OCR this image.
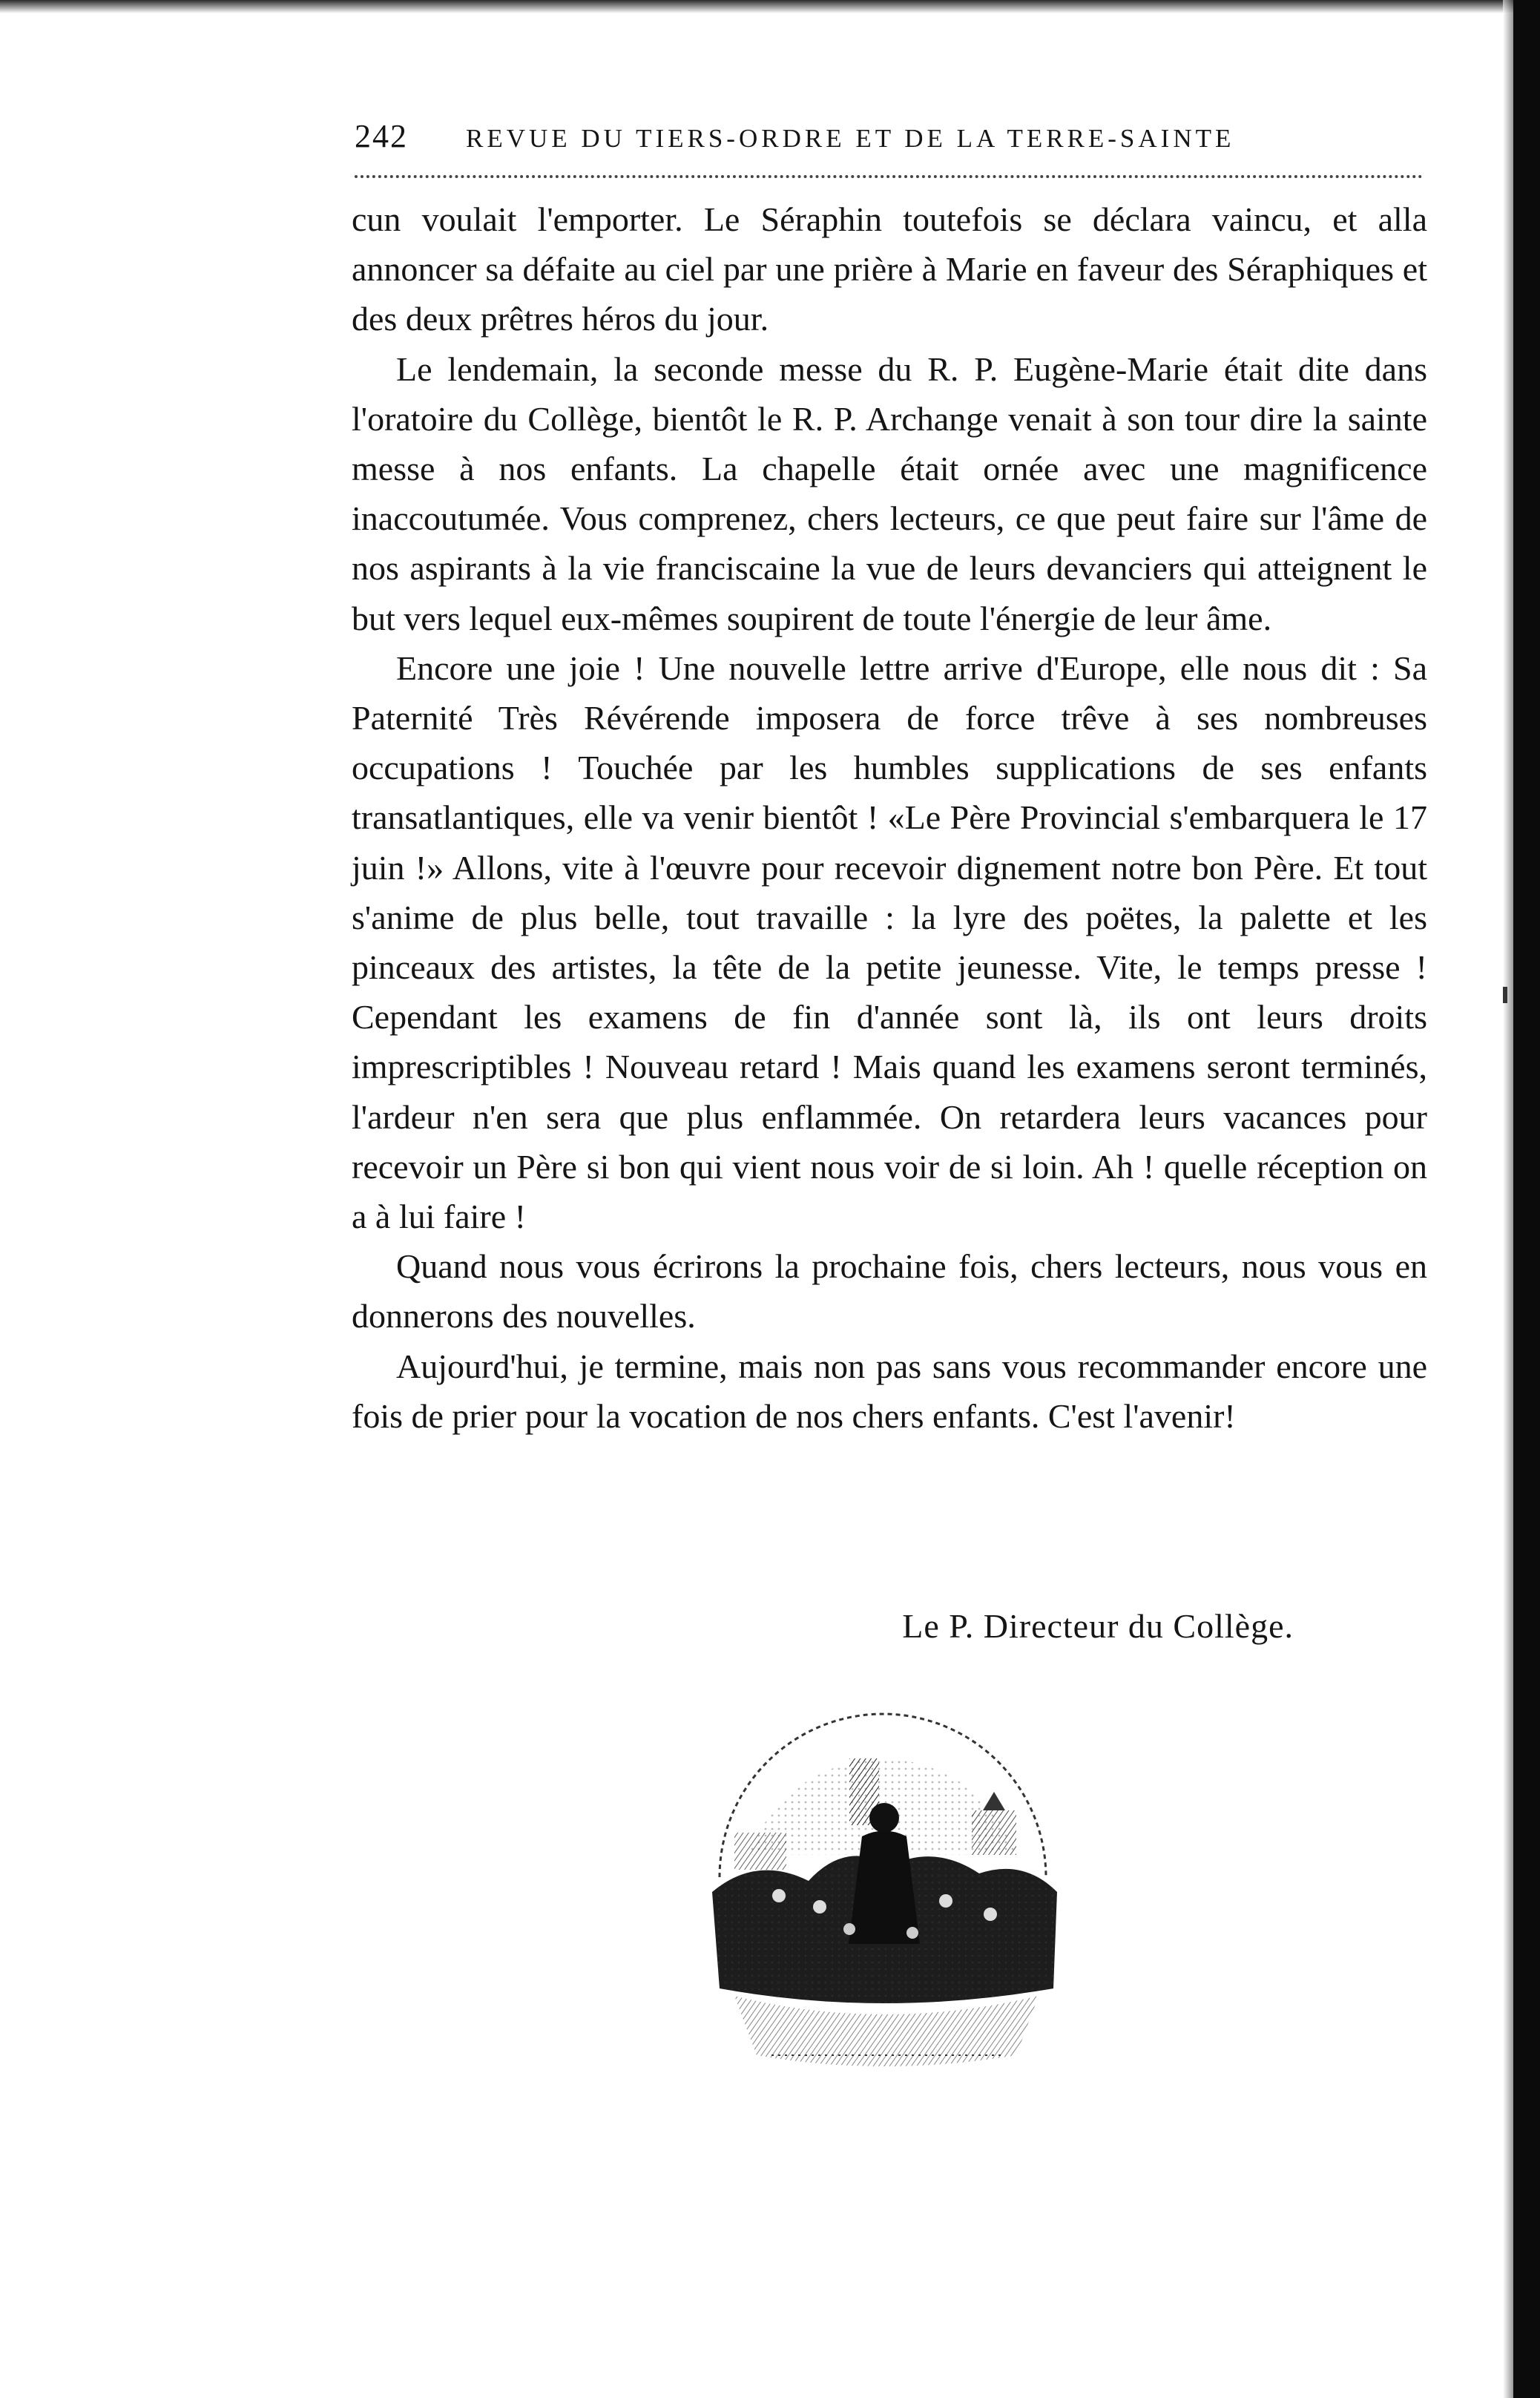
242	REVUE DU TIERS-ORDRE ET DE LA TERRE-SAINTE

cun voulait l'emporter. Le Séraphin toutefois se déclara vaincu, et alla annoncer sa défaite au ciel par une prière à Marie en faveur des Séraphiques et des deux prêtres héros du jour.

Le lendemain, la seconde messe du R. P. Eugène-Marie était dite dans l'oratoire du Collège, bientôt le R. P. Archange venait à son tour dire la sainte messe à nos enfants. La chapelle était ornée avec une magnificence inaccoutumée. Vous comprenez, chers lecteurs, ce que peut faire sur l'âme de nos aspirants à la vie franciscaine la vue de leurs devanciers qui atteignent le but vers lequel eux-mêmes soupirent de toute l'énergie de leur âme.

Encore une joie ! Une nouvelle lettre arrive d'Europe, elle nous dit : Sa Paternité Très Révérende imposera de force trêve à ses nombreuses occupations ! Touchée par les humbles supplications de ses enfants transatlantiques, elle va venir bientôt ! «Le Père Provincial s'embarquera le 17 juin !» Allons, vite à l'œuvre pour recevoir dignement notre bon Père. Et tout s'anime de plus belle, tout travaille : la lyre des poëtes, la palette et les pinceaux des artistes, la tête de la petite jeunesse. Vite, le temps presse ! Cependant les examens de fin d'année sont là, ils ont leurs droits imprescriptibles ! Nouveau retard ! Mais quand les examens seront terminés, l'ardeur n'en sera que plus enflammée. On retardera leurs vacances pour recevoir un Père si bon qui vient nous voir de si loin. Ah ! quelle réception on a à lui faire !

Quand nous vous écrirons la prochaine fois, chers lecteurs, nous vous en donnerons des nouvelles.

Aujourd'hui, je termine, mais non pas sans vous recommander encore une fois de prier pour la vocation de nos chers enfants. C'est l'avenir!

Le P. Directeur du Collège.
